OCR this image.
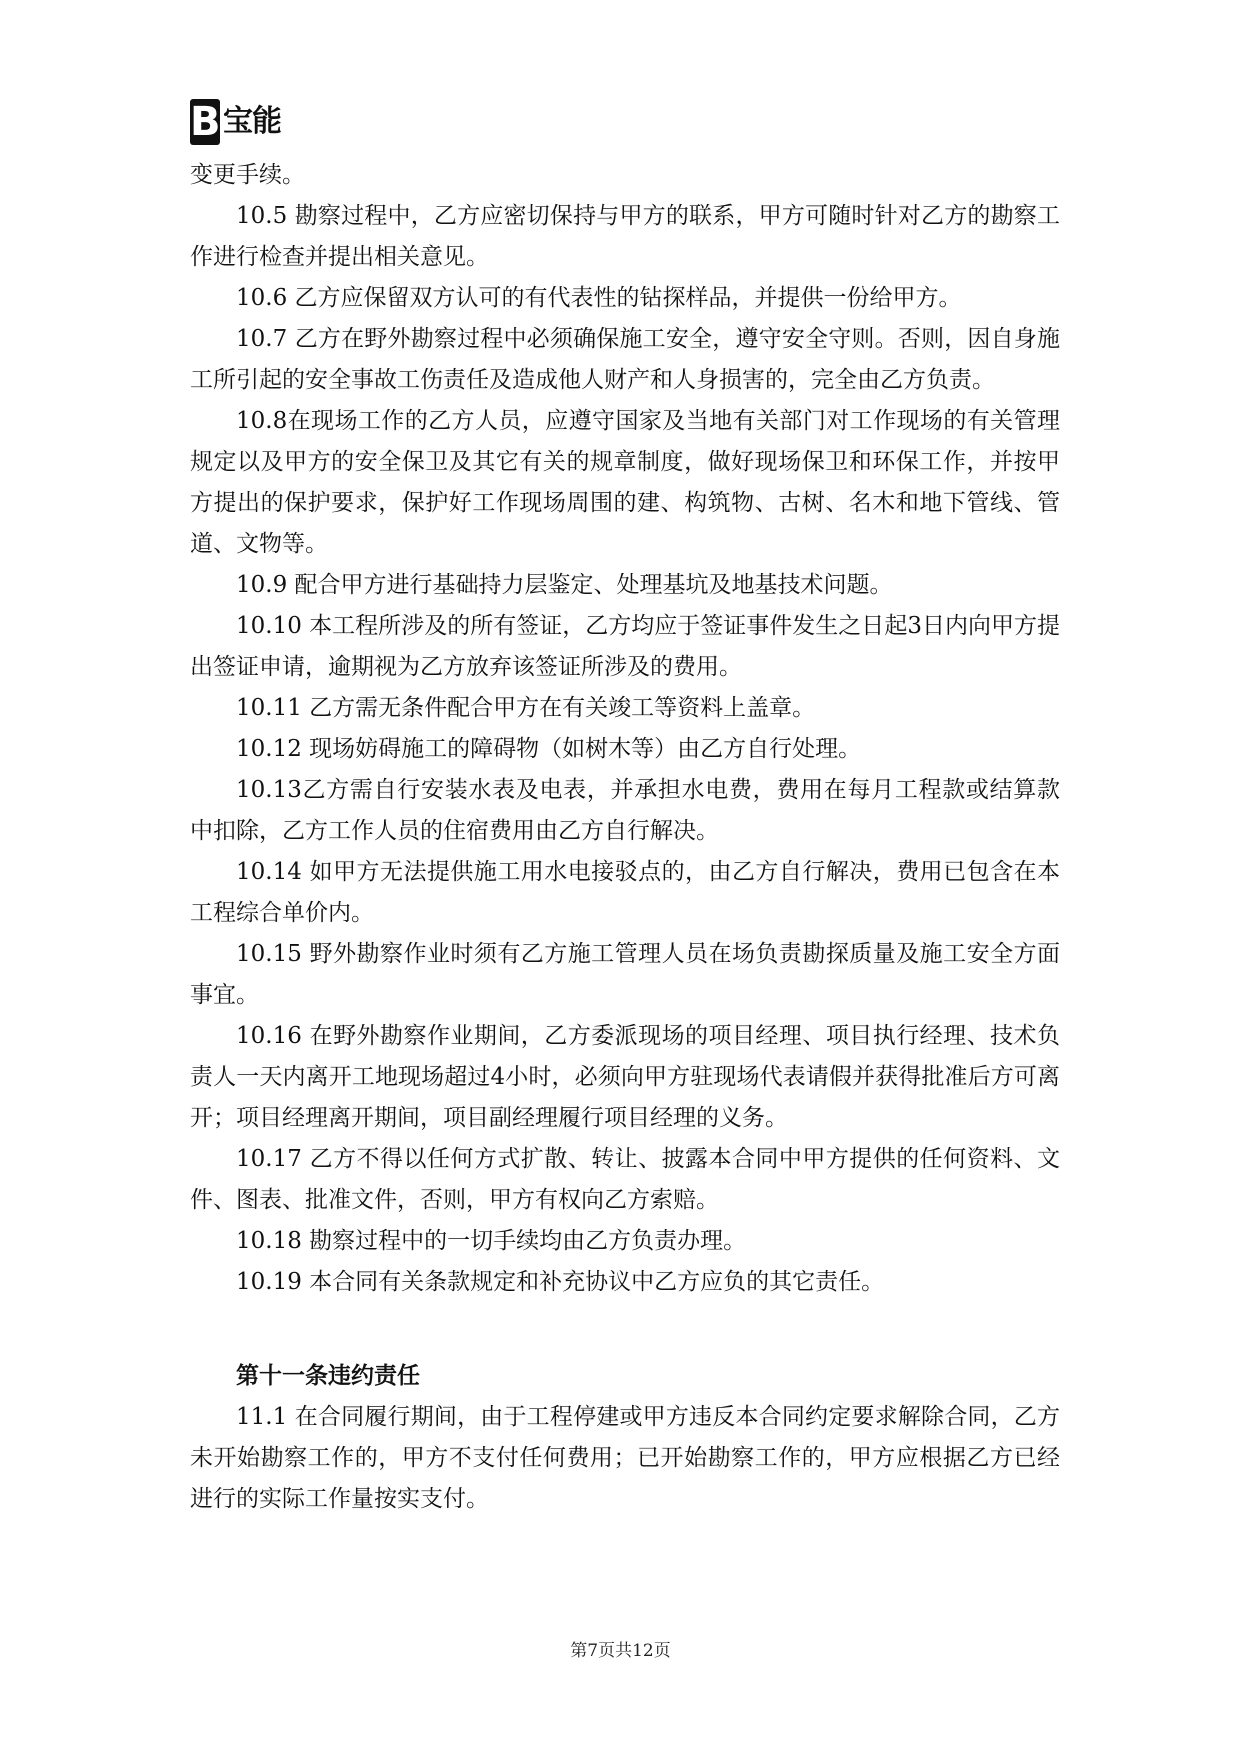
B 宝能

变更手续。

10.5 勘察过程中，乙方应密切保持与甲方的联系，甲方可随时针对乙方的勘察工作进行检查并提出相关意见。

10.6 乙方应保留双方认可的有代表性的钻探样品，并提供一份给甲方。

10.7 乙方在野外勘察过程中必须确保施工安全，遵守安全守则。否则，因自身施工所引起的安全事故工伤责任及造成他人财产和人身损害的，完全由乙方负责。

10.8在现场工作的乙方人员，应遵守国家及当地有关部门对工作现场的有关管理规定以及甲方的安全保卫及其它有关的规章制度，做好现场保卫和环保工作，并按甲方提出的保护要求，保护好工作现场周围的建、构筑物、古树、名木和地下管线、管道、文物等。

10.9 配合甲方进行基础持力层鉴定、处理基坑及地基技术问题。

10.10 本工程所涉及的所有签证，乙方均应于签证事件发生之日起3日内向甲方提出签证申请，逾期视为乙方放弃该签证所涉及的费用。

10.11 乙方需无条件配合甲方在有关竣工等资料上盖章。

10.12 现场妨碍施工的障碍物（如树木等）由乙方自行处理。

10.13乙方需自行安装水表及电表，并承担水电费，费用在每月工程款或结算款中扣除，乙方工作人员的住宿费用由乙方自行解决。

10.14 如甲方无法提供施工用水电接驳点的，由乙方自行解决，费用已包含在本工程综合单价内。

10.15 野外勘察作业时须有乙方施工管理人员在场负责勘探质量及施工安全方面事宜。

10.16 在野外勘察作业期间，乙方委派现场的项目经理、项目执行经理、技术负责人一天内离开工地现场超过4小时，必须向甲方驻现场代表请假并获得批准后方可离开；项目经理离开期间，项目副经理履行项目经理的义务。

10.17 乙方不得以任何方式扩散、转让、披露本合同中甲方提供的任何资料、文件、图表、批准文件，否则，甲方有权向乙方索赔。

10.18 勘察过程中的一切手续均由乙方负责办理。

10.19 本合同有关条款规定和补充协议中乙方应负的其它责任。

第十一条违约责任

11.1 在合同履行期间，由于工程停建或甲方违反本合同约定要求解除合同，乙方未开始勘察工作的，甲方不支付任何费用；已开始勘察工作的，甲方应根据乙方已经进行的实际工作量按实支付。

第7页共12页
